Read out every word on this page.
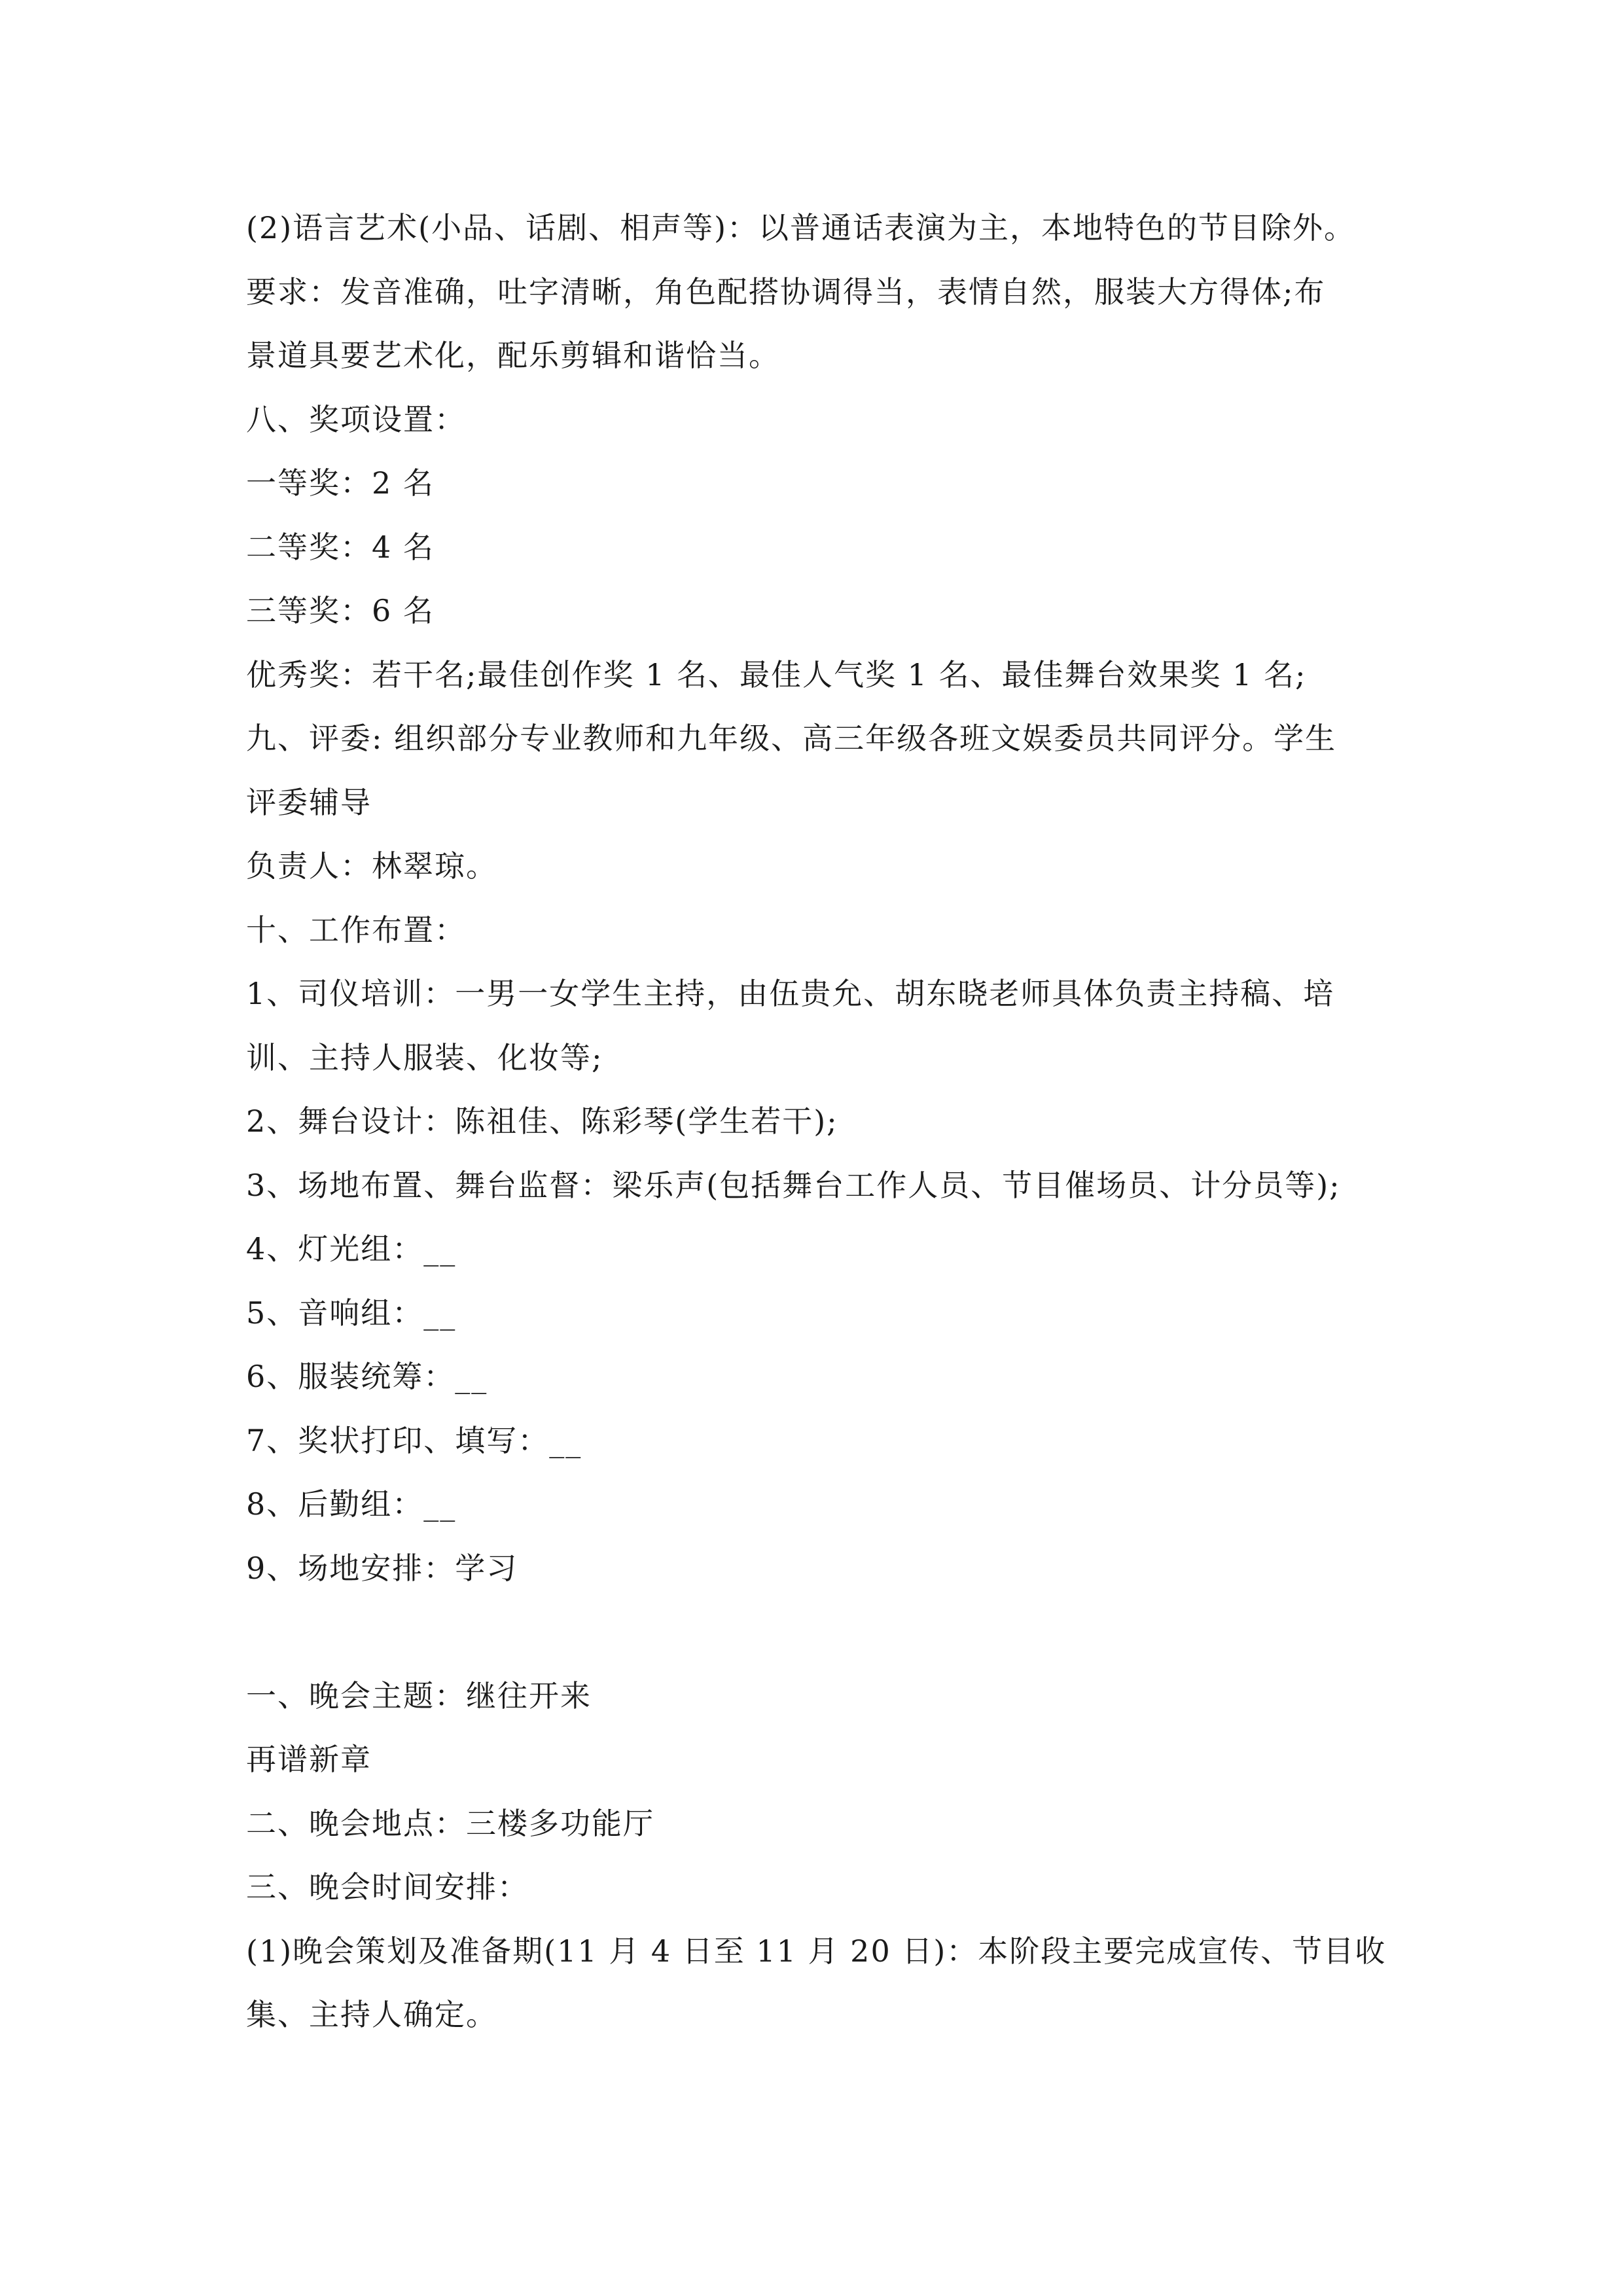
(2)语言艺术(小品、话剧、相声等)：以普通话表演为主，本地特色的节目除外。
要求：发音准确，吐字清晰，角色配搭协调得当，表情自然，服装大方得体;布
景道具要艺术化，配乐剪辑和谐恰当。
八、奖项设置：
一等奖：2 名
二等奖：4 名
三等奖：6 名
优秀奖：若干名;最佳创作奖 1 名、最佳人气奖 1 名、最佳舞台效果奖 1 名;
九、评委: 组织部分专业教师和九年级、高三年级各班文娱委员共同评分。学生
评委辅导
负责人：林翠琼。
十、工作布置：
1、司仪培训：一男一女学生主持，由伍贵允、胡东晓老师具体负责主持稿、培
训、主持人服装、化妆等;
2、舞台设计：陈祖佳、陈彩琴(学生若干);
3、场地布置、舞台监督：梁乐声(包括舞台工作人员、节目催场员、计分员等);
4、灯光组：__
5、音响组：__
6、服装统筹：__
7、奖状打印、填写：__
8、后勤组：__
9、场地安排：学习
一、晚会主题：继往开来
再谱新章
二、晚会地点：三楼多功能厅
三、晚会时间安排：
(1)晚会策划及准备期(11 月 4 日至 11 月 20 日)：本阶段主要完成宣传、节目收
集、主持人确定。
